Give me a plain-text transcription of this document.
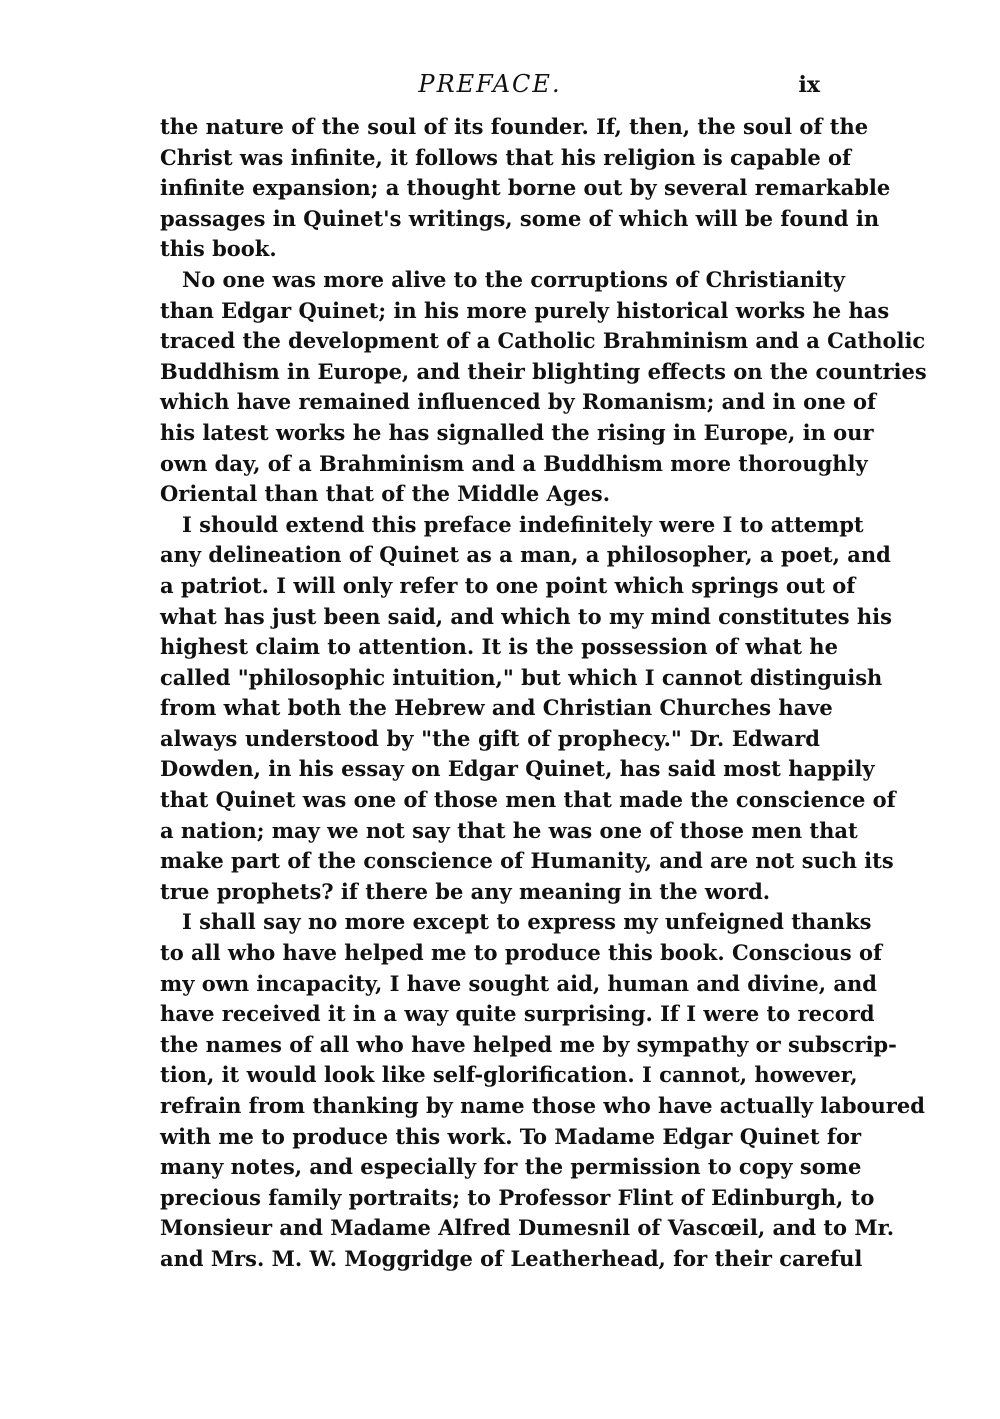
PREFACE.	ix
the nature of the soul of its founder. If, then, the soul of the
Christ was infinite, it follows that his religion is capable of
infinite expansion; a thought borne out by several remarkable
passages in Quinet's writings, some of which will be found in
this book.
No one was more alive to the corruptions of Christianity
than Edgar Quinet; in his more purely historical works he has
traced the development of a Catholic Brahminism and a Catholic
Buddhism in Europe, and their blighting effects on the countries
which have remained influenced by Romanism; and in one of
his latest works he has signalled the rising in Europe, in our
own day, of a Brahminism and a Buddhism more thoroughly
Oriental than that of the Middle Ages.
I should extend this preface indefinitely were I to attempt
any delineation of Quinet as a man, a philosopher, a poet, and
a patriot. I will only refer to one point which springs out of
what has just been said, and which to my mind constitutes his
highest claim to attention. It is the possession of what he
called "philosophic intuition," but which I cannot distinguish
from what both the Hebrew and Christian Churches have
always understood by "the gift of prophecy." Dr. Edward
Dowden, in his essay on Edgar Quinet, has said most happily
that Quinet was one of those men that made the conscience of
a nation; may we not say that he was one of those men that
make part of the conscience of Humanity, and are not such its
true prophets? if there be any meaning in the word.
I shall say no more except to express my unfeigned thanks
to all who have helped me to produce this book. Conscious of
my own incapacity, I have sought aid, human and divine, and
have received it in a way quite surprising. If I were to record
the names of all who have helped me by sympathy or subscrip-
tion, it would look like self-glorification. I cannot, however,
refrain from thanking by name those who have actually laboured
with me to produce this work. To Madame Edgar Quinet for
many notes, and especially for the permission to copy some
precious family portraits; to Professor Flint of Edinburgh, to
Monsieur and Madame Alfred Dumesnil of Vascœil, and to Mr.
and Mrs. M. W. Moggridge of Leatherhead, for their careful
